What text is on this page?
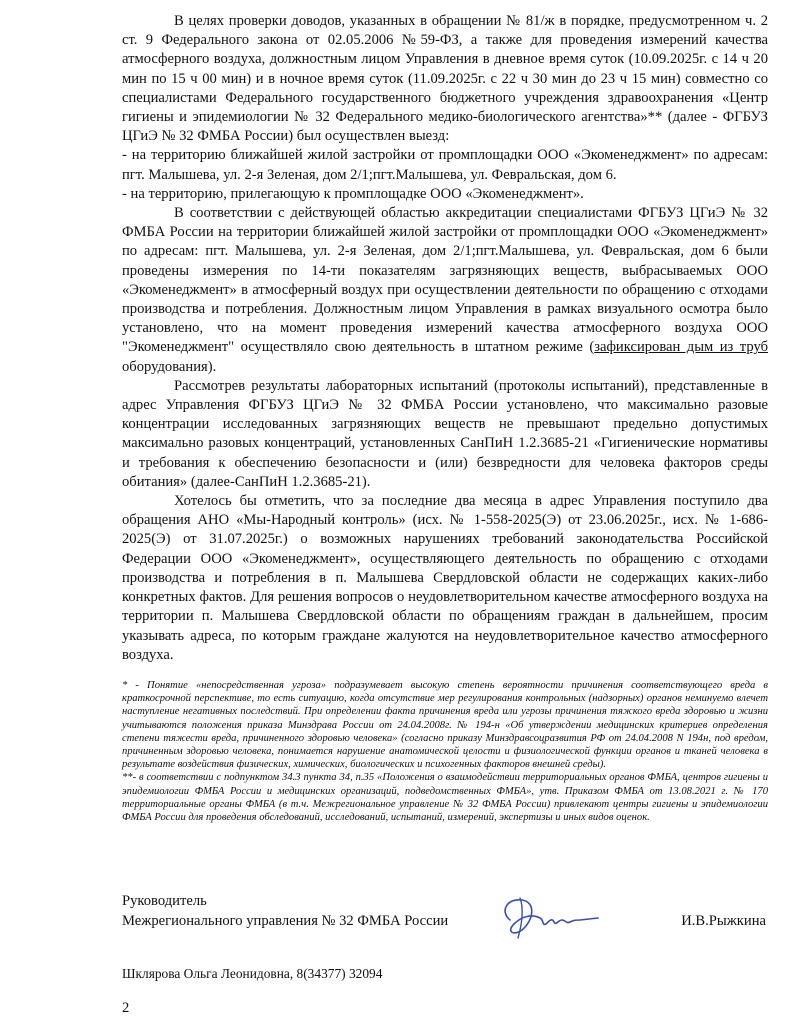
В целях проверки доводов, указанных в обращении № 81/ж в порядке, предусмотренном ч. 2 ст. 9 Федерального закона от 02.05.2006 №59-ФЗ, а также для проведения измерений качества атмосферного воздуха, должностным лицом Управления в дневное время суток (10.09.2025г. с 14 ч 20 мин по 15 ч 00 мин) и в ночное время суток (11.09.2025г. с 22 ч 30 мин до 23 ч 15 мин) совместно со специалистами Федерального государственного бюджетного учреждения здравоохранения «Центр гигиены и эпидемиологии № 32 Федерального медико-биологического агентства»** (далее - ФГБУЗ ЦГиЭ № 32 ФМБА России) был осуществлен выезд:

- на территорию ближайшей жилой застройки от промплощадки ООО «Экоменеджмент» по адресам: пгт. Малышева, ул. 2-я Зеленая, дом 2/1;пгт.Малышева, ул. Февральская, дом 6.

- на территорию, прилегающую к промплощадке ООО «Экоменеджмент».

В соответствии с действующей областью аккредитации специалистами ФГБУЗ ЦГиЭ № 32 ФМБА России на территории ближайшей жилой застройки от промплощадки ООО «Экоменеджмент» по адресам: пгт. Малышева, ул. 2-я Зеленая, дом 2/1;пгт.Малышева, ул. Февральская, дом 6 были проведены измерения по 14-ти показателям загрязняющих веществ, выбрасываемых ООО «Экоменеджмент» в атмосферный воздух при осуществлении деятельности по обращению с отходами производства и потребления. Должностным лицом Управления в рамках визуального осмотра было установлено, что на момент проведения измерений качества атмосферного воздуха ООО "Экоменеджмент" осуществляло свою деятельность в штатном режиме (зафиксирован дым из труб оборудования).

Рассмотрев результаты лабораторных испытаний (протоколы испытаний), представленные в адрес Управления ФГБУЗ ЦГиЭ № 32 ФМБА России установлено, что максимально разовые концентрации исследованных загрязняющих веществ не превышают предельно допустимых максимально разовых концентраций, установленных СанПиН 1.2.3685-21 «Гигиенические нормативы и требования к обеспечению безопасности и (или) безвредности для человека факторов среды обитания» (далее-СанПиН 1.2.3685-21).

Хотелось бы отметить, что за последние два месяца в адрес Управления поступило два обращения АНО «Мы-Народный контроль» (исх. № 1-558-2025(Э) от 23.06.2025г., исх. № 1-686-2025(Э) от 31.07.2025г.) о возможных нарушениях требований законодательства Российской Федерации ООО «Экоменеджмент», осуществляющего деятельность по обращению с отходами производства и потребления в п. Малышева Свердловской области не содержащих каких-либо конкретных фактов. Для решения вопросов о неудовлетворительном качестве атмосферного воздуха на территории п. Малышева Свердловской области по обращениям граждан в дальнейшем, просим указывать адреса, по которым граждане жалуются на неудовлетворительное качество атмосферного воздуха.

* - Понятие «непосредственная угроза» подразумевает высокую степень вероятности причинения соответствующего вреда в краткосрочной перспективе, то есть ситуацию, когда отсутствие мер регулирования контрольных (надзорных) органов неминуемо влечет наступление негативных последствий. При определении факта причинения вреда или угрозы причинения тяжкого вреда здоровью и жизни учитываются положения приказа Минздрава России от 24.04.2008г. № 194-н «Об утверждении медицинских критериев определения степени тяжести вреда, причиненного здоровью человека» (согласно приказу Минздравсоцразвития РФ от 24.04.2008 N 194н, под вредом, причиненным здоровью человека, понимается нарушение анатомической целости и физиологической функции органов и тканей человека в результате воздействия физических, химических, биологических и психогенных факторов внешней среды).

**- в соответствии с подпунктом 34.3 пункта 34, п.35 «Положения о взаимодействии территориальных органов ФМБА, центров гигиены и эпидемиологии ФМБА России и медицинских организаций, подведомственных ФМБА», утв. Приказом ФМБА от 13.08.2021 г. № 170 территориальные органы ФМБА (в т.ч. Межрегиональное управление № 32 ФМБА России) привлекают центры гигиены и эпидемиологии ФМБА России для проведения обследований, исследований, испытаний, измерений, экспертизы и иных видов оценок.

Руководитель
Межрегионального управления № 32 ФМБА России	И.В.Рыжкина
Шклярова Ольга Леонидовна, 8(34377) 32094
2
